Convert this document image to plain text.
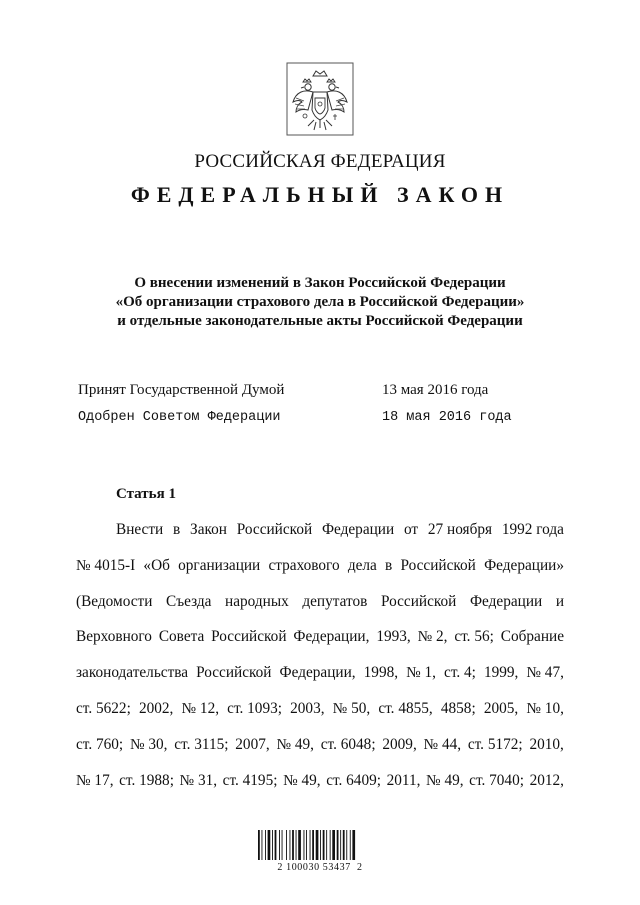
РОССИЙСКАЯ ФЕДЕРАЦИЯ
ФЕДЕРАЛЬНЫЙ ЗАКОН
О внесении изменений в Закон Российской Федерации
«Об организации страхового дела в Российской Федерации»
и отдельные законодательные акты Российской Федерации
Принят Государственной Думой	13 мая 2016 года
Одобрен Советом Федерации	18 мая 2016 года
Статья 1
Внести в Закон Российской Федерации от 27 ноября 1992 года
№ 4015-I «Об организации страхового дела в Российской Федерации»
(Ведомости Съезда народных депутатов Российской Федерации и
Верховного Совета Российской Федерации, 1993, № 2, ст. 56; Собрание
законодательства Российской Федерации, 1998, № 1, ст. 4; 1999, № 47,
ст. 5622; 2002, № 12, ст. 1093; 2003, № 50, ст. 4855, 4858; 2005, № 10,
ст. 760; № 30, ст. 3115; 2007, № 49, ст. 6048; 2009, № 44, ст. 5172; 2010,
№ 17, ст. 1988; № 31, ст. 4195; № 49, ст. 6409; 2011, № 49, ст. 7040; 2012,
2 100030 53437  2
